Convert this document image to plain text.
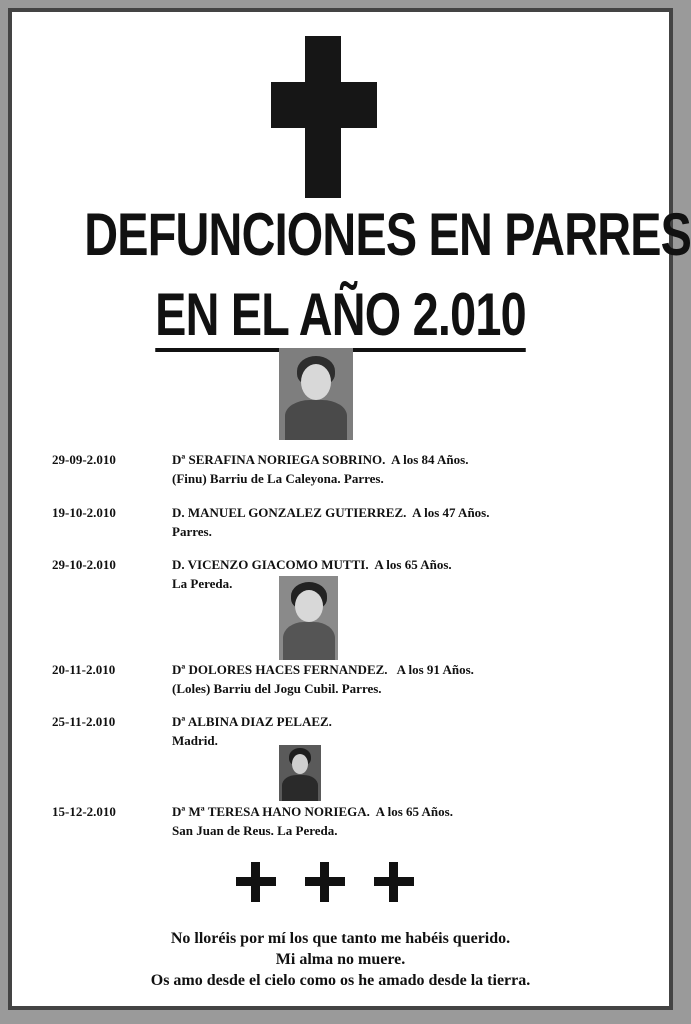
DEFUNCIONES EN PARRES
EN EL AÑO 2.010
29-09-2.010	Dª SERAFINA NORIEGA SOBRINO.  A los 84 Años.
(Finu) Barriu de La Caleyona. Parres.
19-10-2.010	D. MANUEL GONZALEZ GUTIERREZ.  A los 47 Años.
Parres.
29-10-2.010	D. VICENZO GIACOMO MUTTI.  A los 65 Años.
La Pereda.
20-11-2.010	Dª DOLORES HACES FERNANDEZ.   A los 91 Años.
(Loles) Barriu del Jogu Cubil. Parres.
25-11-2.010	Dª ALBINA DIAZ PELAEZ.
Madrid.
15-12-2.010	Dª Mª TERESA HANO NORIEGA.  A los 65 Años.
San Juan de Reus. La Pereda.
No lloréis por mí los que tanto me habéis querido.
Mi alma no muere.
Os amo desde el cielo como os he amado desde la tierra.
